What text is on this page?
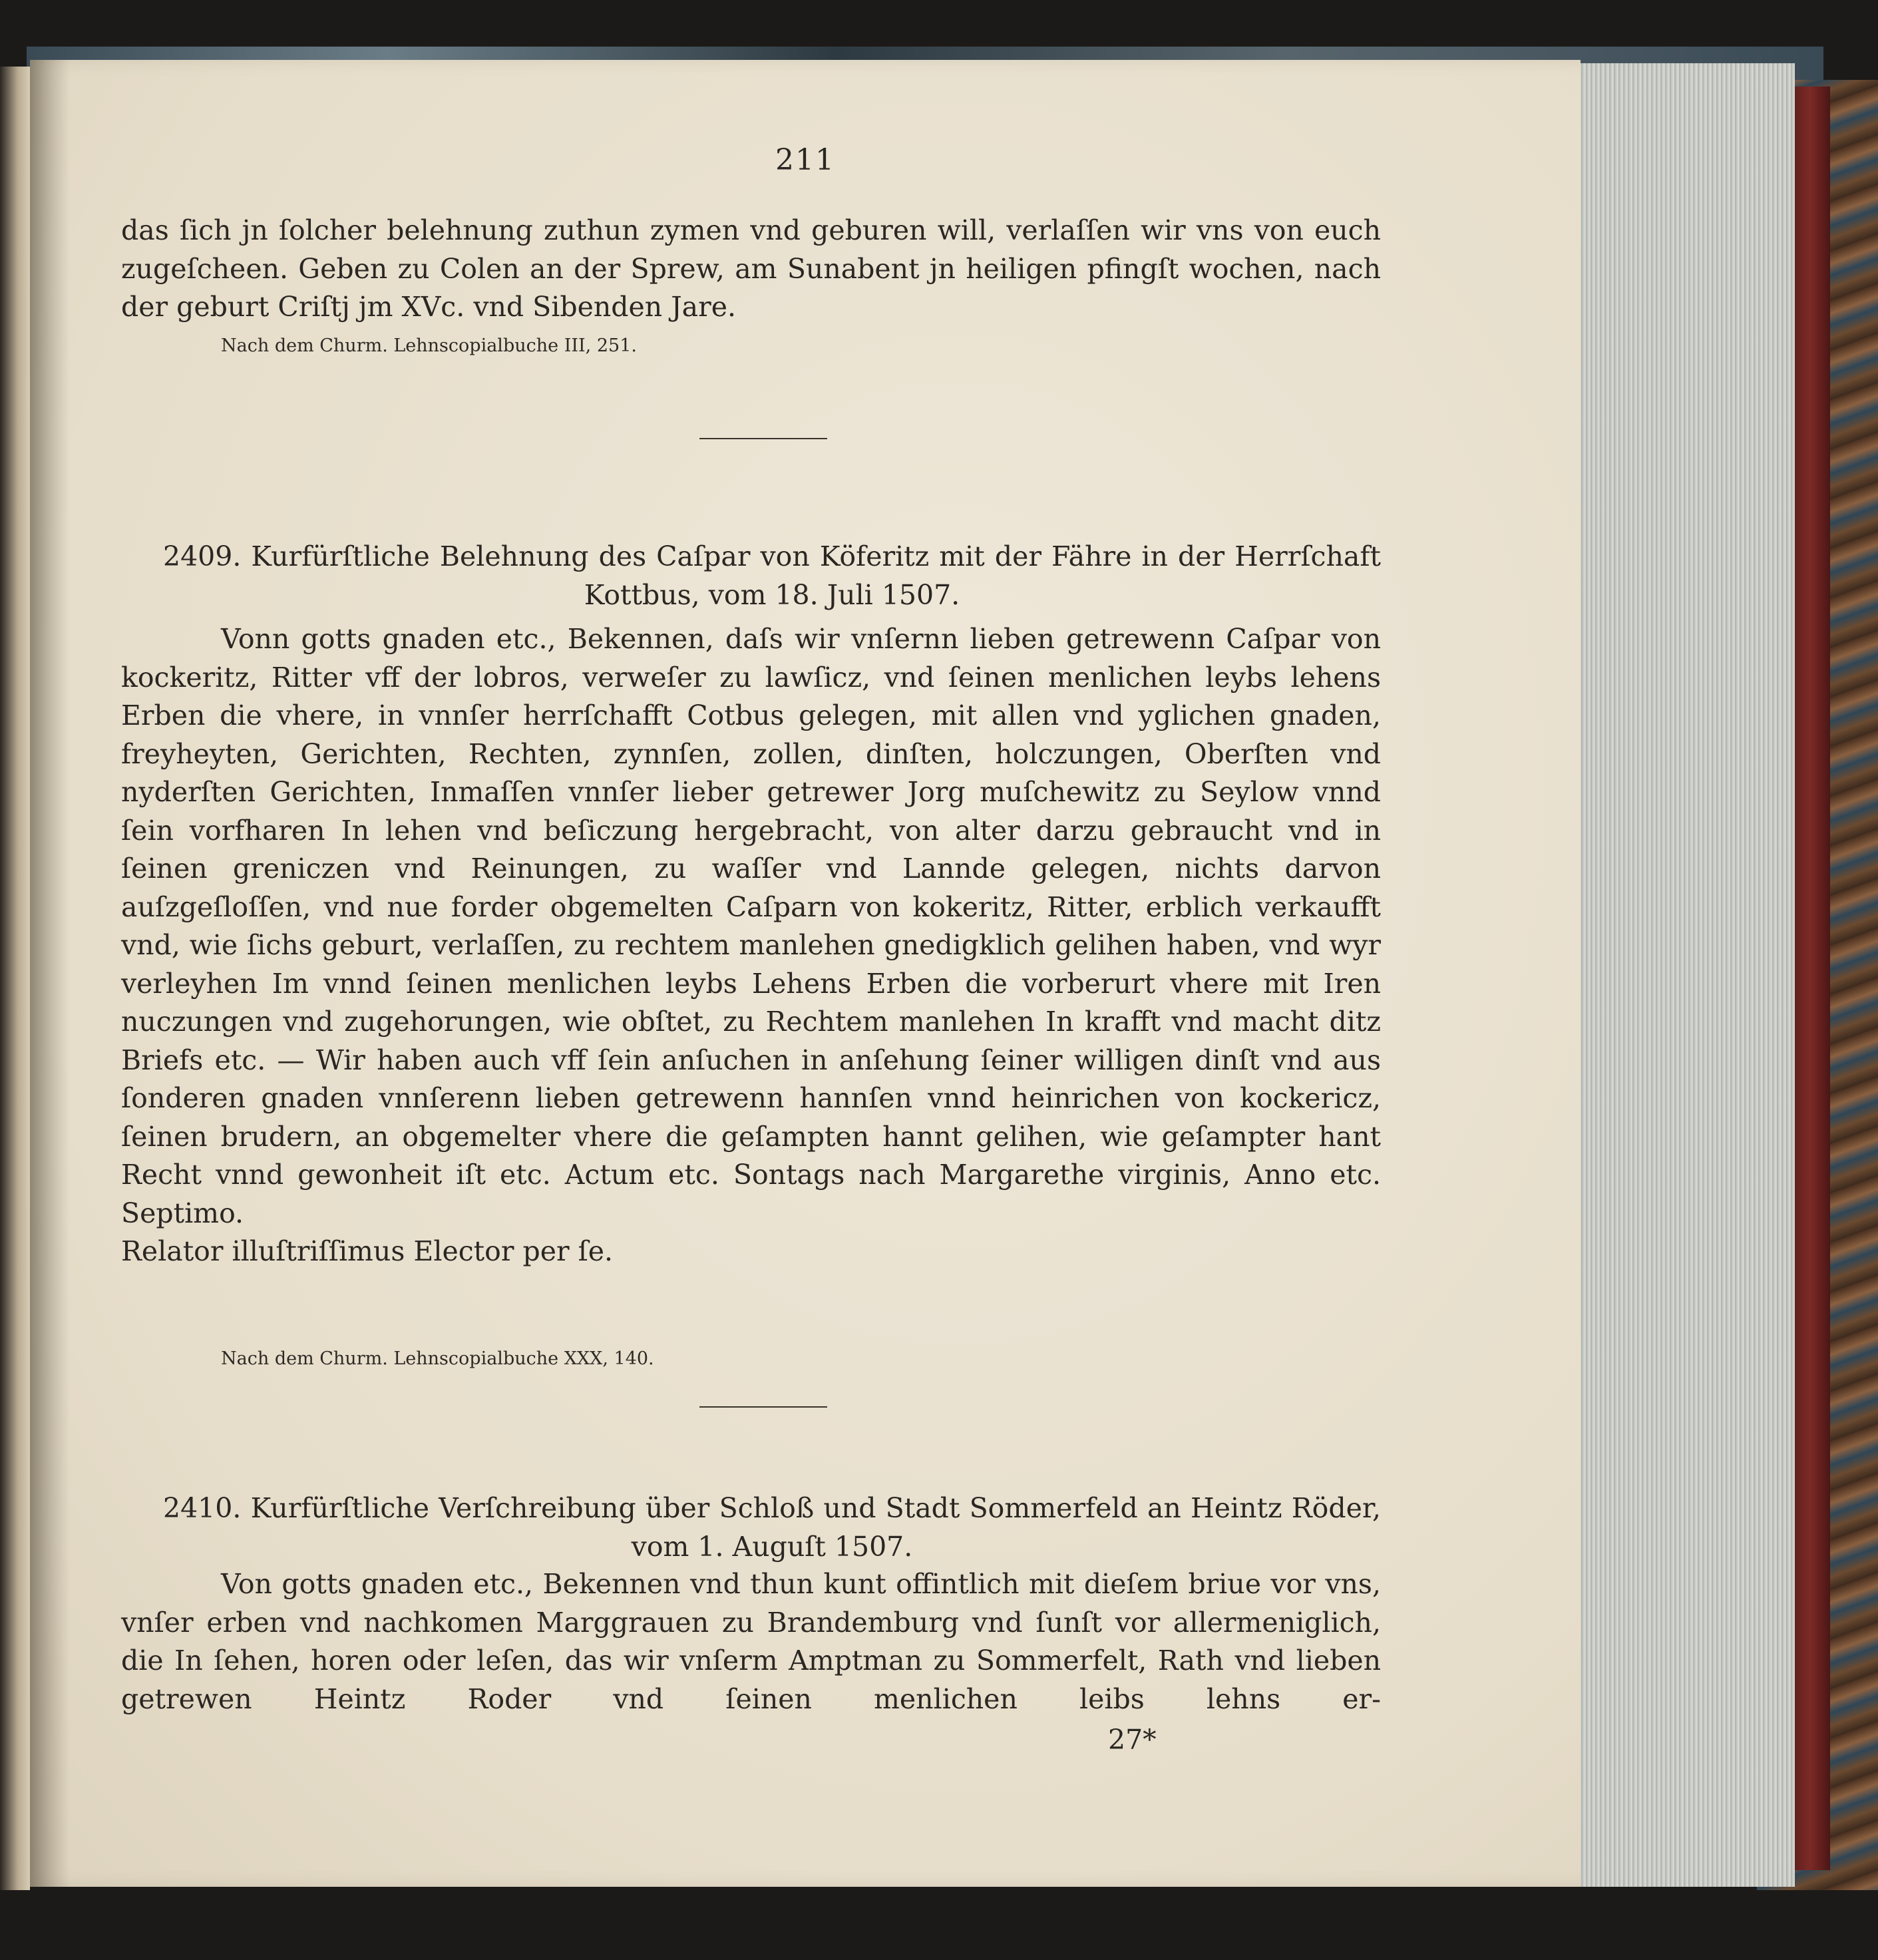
211

das ſich jn ſolcher belehnung zuthun zymen vnd geburen will, verlaſſen wir vns von euch zugeſcheen. Geben zu Colen an der Sprew, am Sunabent jn heiligen pfingſt wochen, nach der geburt Criſtj jm XVc. vnd Sibenden Jare.

Nach dem Churm. Lehnscopialbuche III, 251.

2409. Kurfürſtliche Belehnung des Caſpar von Köferitz mit der Fähre in der Herrſchaft

Kottbus, vom 18. Juli 1507.

Vonn gotts gnaden etc., Bekennen, daſs wir vnſernn lieben getrewenn Caſpar von kockeritz, Ritter vff der lobros, verweſer zu lawſicz, vnd ſeinen menlichen leybs lehens Erben die vhere, in vnnſer herrſchafft Cotbus gelegen, mit allen vnd yglichen gnaden, freyheyten, Gerichten, Rechten, zynnſen, zollen, dinſten, holczungen, Oberſten vnd nyderſten Gerichten, Inmaſſen vnnſer lieber getrewer Jorg muſchewitz zu Seylow vnnd ſein vorfharen In lehen vnd beſiczung hergebracht, von alter darzu gebraucht vnd in ſeinen greniczen vnd Reinungen, zu waſſer vnd Lannde gelegen, nichts darvon auſzgeſloſſen, vnd nue forder obgemelten Caſparn von kokeritz, Ritter, erblich verkaufft vnd, wie ſichs geburt, verlaſſen, zu rechtem manlehen gnedigklich gelihen haben, vnd wyr verleyhen Im vnnd ſeinen menlichen leybs Lehens Erben die vorberurt vhere mit Iren nuczungen vnd zugehorungen, wie obſtet, zu Rechtem manlehen In krafft vnd macht ditz Briefs etc. — Wir haben auch vff ſein anſuchen in anſehung ſeiner willigen dinſt vnd aus ſonderen gnaden vnnſerenn lieben getrewenn hannſen vnnd heinrichen von kockericz, ſeinen brudern, an obgemelter vhere die geſampten hannt gelihen, wie geſampter hant Recht vnnd gewonheit iſt etc. Actum etc. Sontags nach Margarethe virginis, Anno etc. Septimo.

Relator illuſtriſſimus Elector per ſe.

Nach dem Churm. Lehnscopialbuche XXX, 140.

2410. Kurfürſtliche Verſchreibung über Schloß und Stadt Sommerfeld an Heintz Röder,

vom 1. Auguſt 1507.

Von gotts gnaden etc., Bekennen vnd thun kunt offintlich mit dieſem briue vor vns, vnſer erben vnd nachkomen Marggrauen zu Brandemburg vnd ſunſt vor allermeniglich, die In ſehen, horen oder leſen, das wir vnſerm Amptman zu Sommerfelt, Rath vnd lieben getrewen Heintz Roder vnd ſeinen menlichen leibs lehns er-

27*
